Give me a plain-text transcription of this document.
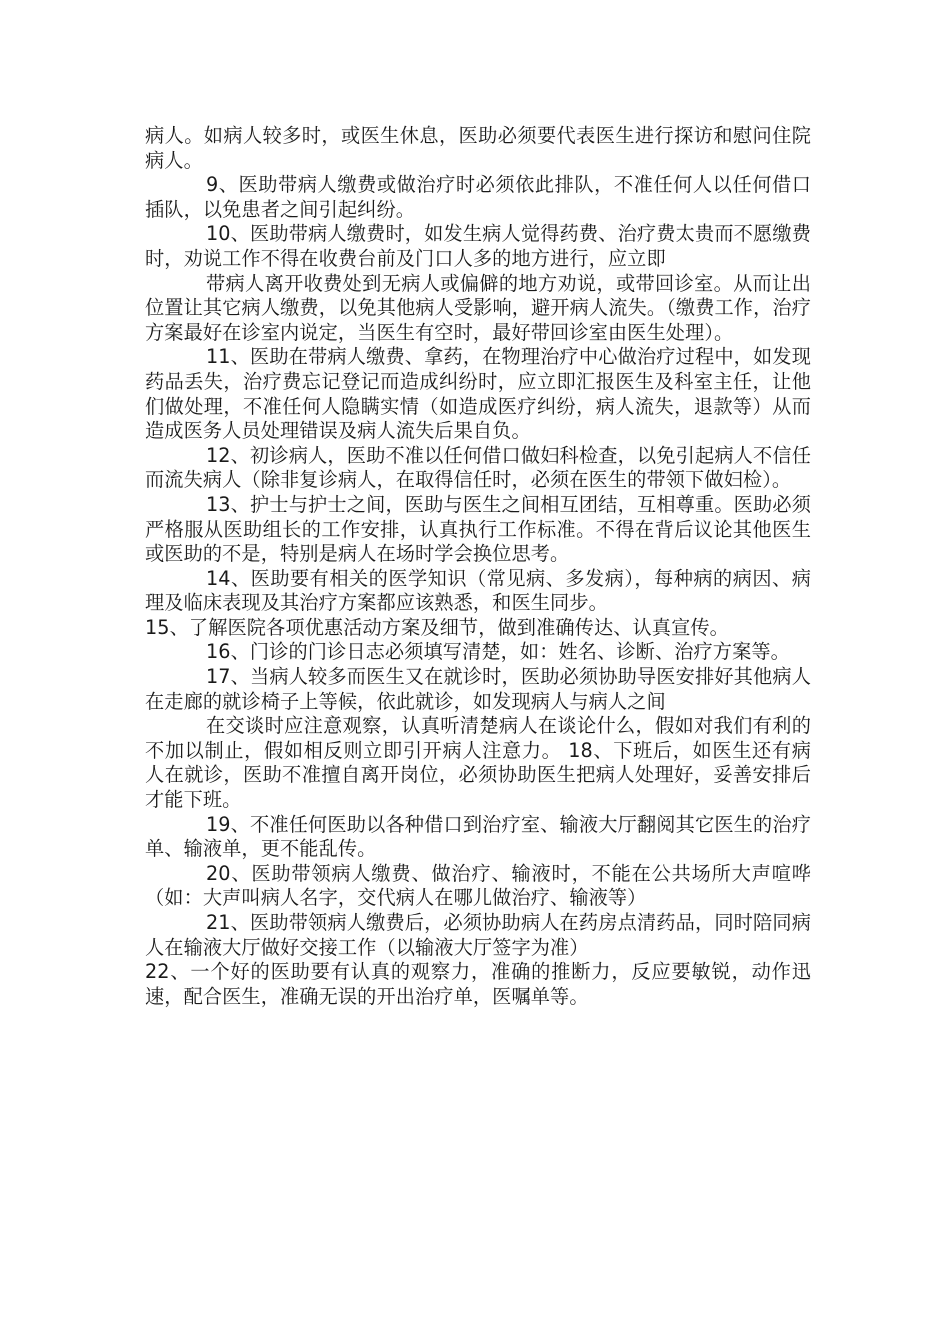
病人。如病人较多时，或医生休息，医助必须要代表医生进行探访和慰问住院病人。

9、医助带病人缴费或做治疗时必须依此排队，不准任何人以任何借口插队，以免患者之间引起纠纷。

10、医助带病人缴费时，如发生病人觉得药费、治疗费太贵而不愿缴费时，劝说工作不得在收费台前及门口人多的地方进行，应立即

带病人离开收费处到无病人或偏僻的地方劝说，或带回诊室。从而让出位置让其它病人缴费，以免其他病人受影响，避开病人流失。（缴费工作，治疗方案最好在诊室内说定，当医生有空时，最好带回诊室由医生处理）。

11、医助在带病人缴费、拿药，在物理治疗中心做治疗过程中，如发现药品丢失，治疗费忘记登记而造成纠纷时，应立即汇报医生及科室主任，让他们做处理，不准任何人隐瞒实情（如造成医疗纠纷，病人流失，退款等）从而造成医务人员处理错误及病人流失后果自负。

12、初诊病人，医助不准以任何借口做妇科检查，以免引起病人不信任而流失病人（除非复诊病人，在取得信任时，必须在医生的带领下做妇检）。

13、护士与护士之间，医助与医生之间相互团结，互相尊重。医助必须严格服从医助组长的工作安排，认真执行工作标准。不得在背后议论其他医生或医助的不是，特别是病人在场时学会换位思考。

14、医助要有相关的医学知识（常见病、多发病），每种病的病因、病理及临床表现及其治疗方案都应该熟悉，和医生同步。

15、了解医院各项优惠活动方案及细节，做到准确传达、认真宣传。

16、门诊的门诊日志必须填写清楚，如：姓名、诊断、治疗方案等。

17、当病人较多而医生又在就诊时，医助必须协助导医安排好其他病人在走廊的就诊椅子上等候，依此就诊，如发现病人与病人之间

在交谈时应注意观察，认真听清楚病人在谈论什么，假如对我们有利的不加以制止，假如相反则立即引开病人注意力。 18、下班后，如医生还有病人在就诊，医助不准擅自离开岗位，必须协助医生把病人处理好，妥善安排后才能下班。

19、不准任何医助以各种借口到治疗室、输液大厅翻阅其它医生的治疗单、输液单，更不能乱传。

20、医助带领病人缴费、做治疗、输液时，不能在公共场所大声喧哗（如：大声叫病人名字，交代病人在哪儿做治疗、输液等）

21、医助带领病人缴费后，必须协助病人在药房点清药品，同时陪同病人在输液大厅做好交接工作（以输液大厅签字为准）

22、一个好的医助要有认真的观察力，准确的推断力，反应要敏锐，动作迅速，配合医生，准确无误的开出治疗单，医嘱单等。
